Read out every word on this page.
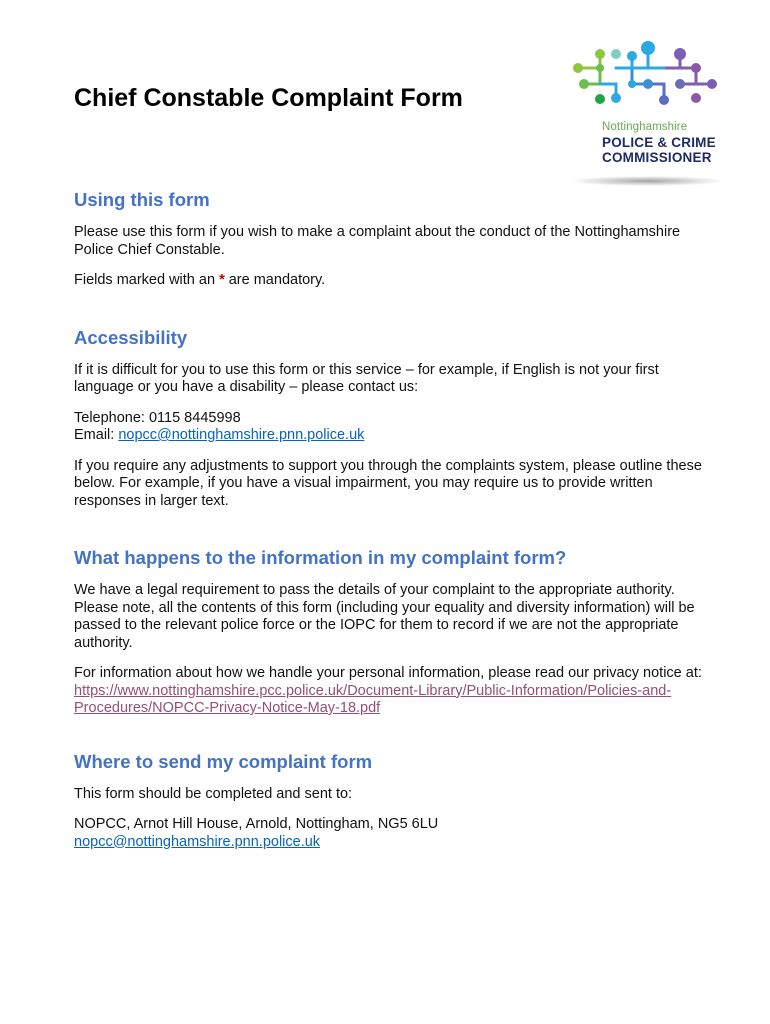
Chief Constable Complaint Form
Nottinghamshire
POLICE & CRIME
COMMISSIONER
Using this form

Please use this form if you wish to make a complaint about the conduct of the Nottinghamshire Police Chief Constable.

Fields marked with an * are mandatory.

Accessibility

If it is difficult for you to use this form or this service – for example, if English is not your first language or you have a disability – please contact us:

Telephone: 0115 8445998

Email: nopcc@nottinghamshire.pnn.police.uk

If you require any adjustments to support you through the complaints system, please outline these below. For example, if you have a visual impairment, you may require us to provide written responses in larger text.

What happens to the information in my complaint form?

We have a legal requirement to pass the details of your complaint to the appropriate authority. Please note, all the contents of this form (including your equality and diversity information) will be passed to the relevant police force or the IOPC for them to record if we are not the appropriate authority.

For information about how we handle your personal information, please read our privacy notice at: https://www.nottinghamshire.pcc.police.uk/Document-Library/Public-Information/Policies-and-Procedures/NOPCC-Privacy-Notice-May-18.pdf

Where to send my complaint form

This form should be completed and sent to:

NOPCC, Arnot Hill House, Arnold, Nottingham, NG5 6LU

nopcc@nottinghamshire.pnn.police.uk
